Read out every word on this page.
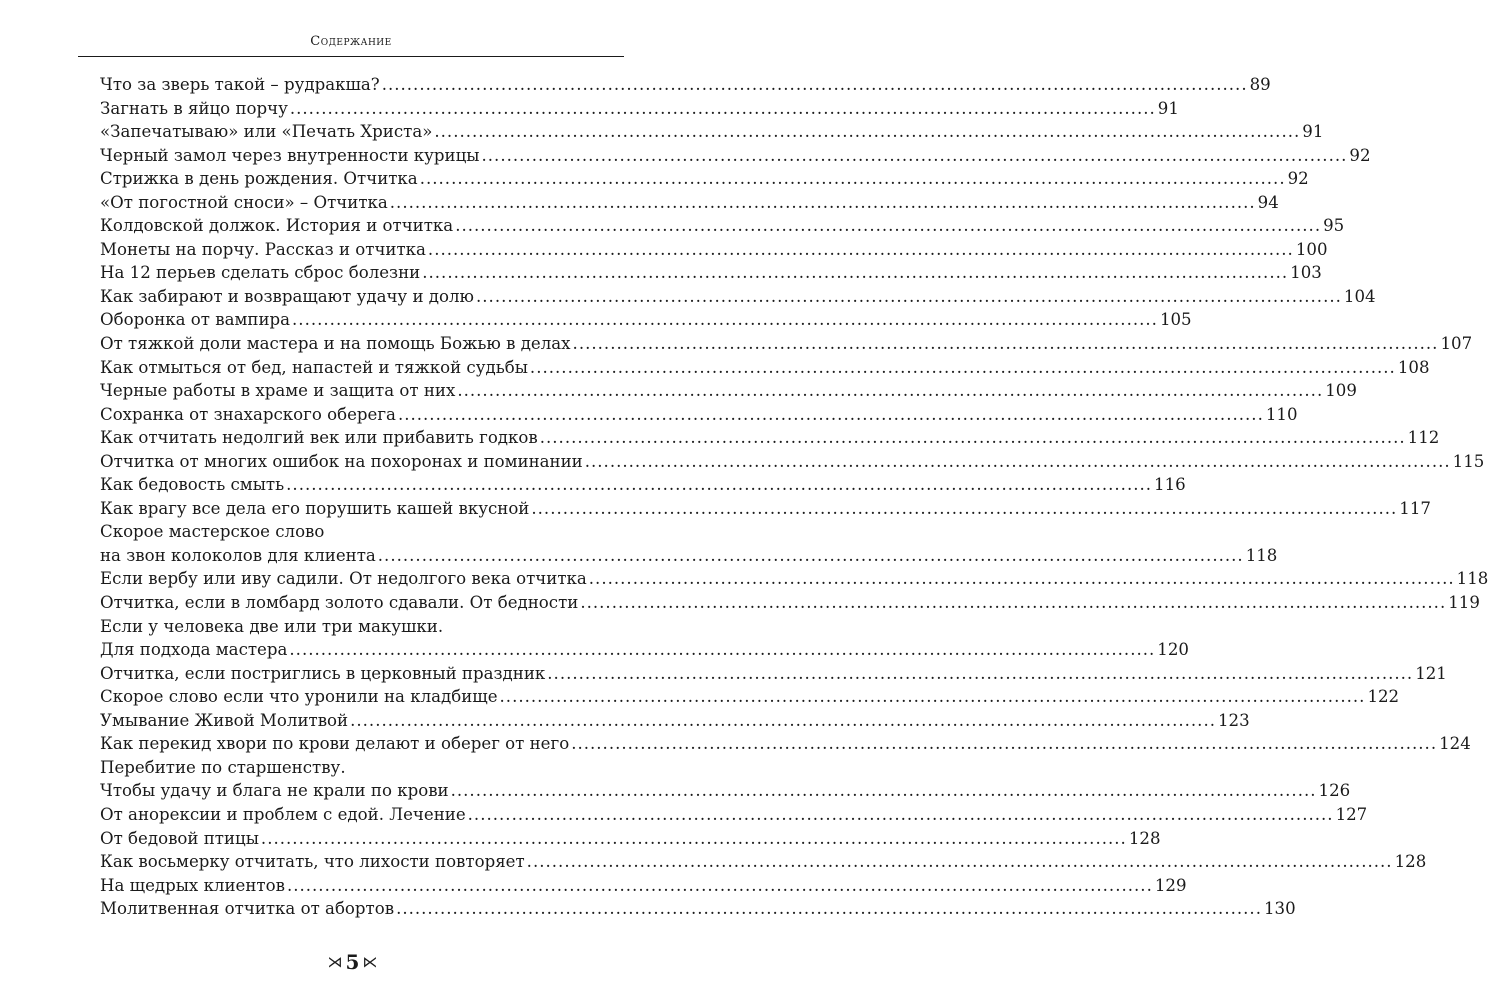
Содержание
Что за зверь такой – рудракша? .....	89
Загнать в яйцо порчу .....	91
«Запечатываю» или «Печать Христа» .....	91
Черный замол через внутренности курицы .....	92
Стрижка в день рождения. Отчитка .....	92
«От погостной сноси» – Отчитка .....	94
Колдовской должок. История и отчитка .....	95
Монеты на порчу. Рассказ и отчитка .....	100
На 12 перьев сделать сброс болезни .....	103
Как забирают и возвращают удачу и долю .....	104
Оборонка от вампира .....	105
От тяжкой доли мастера и на помощь Божью в делах .....	107
Как отмыться от бед, напастей и тяжкой судьбы .....	108
Черные работы в храме и защита от них .....	109
Сохранка от знахарского оберега .....	110
Как отчитать недолгий век или прибавить годков .....	112
Отчитка от многих ошибок на похоронах и поминании .....	115
Как бедовость смыть .....	116
Как врагу все дела его порушить кашей вкусной .....	117
Скорое мастерское слово
на звон колоколов для клиента .....	118
Если вербу или иву садили. От недолгого века отчитка .....	118
Отчитка, если в ломбард золото сдавали. От бедности .....	119
Если у человека две или три макушки.
Для подхода мастера .....	120
Отчитка, если постриглись в церковный праздник .....	121
Скорое слово если что уронили на кладбище .....	122
Умывание Живой Молитвой .....	123
Как перекид хвори по крови делают и оберег от него .....	124
Перебитие по старшенству.
Чтобы удачу и блага не крали по крови .....	126
От анорексии и проблем с едой. Лечение .....	127
От бедовой птицы .....	128
Как восьмерку отчитать, что лихости повторяет .....	128
На щедрых клиентов .....	129
Молитвенная отчитка от абортов .....	130
⋊ 5 ⋉
